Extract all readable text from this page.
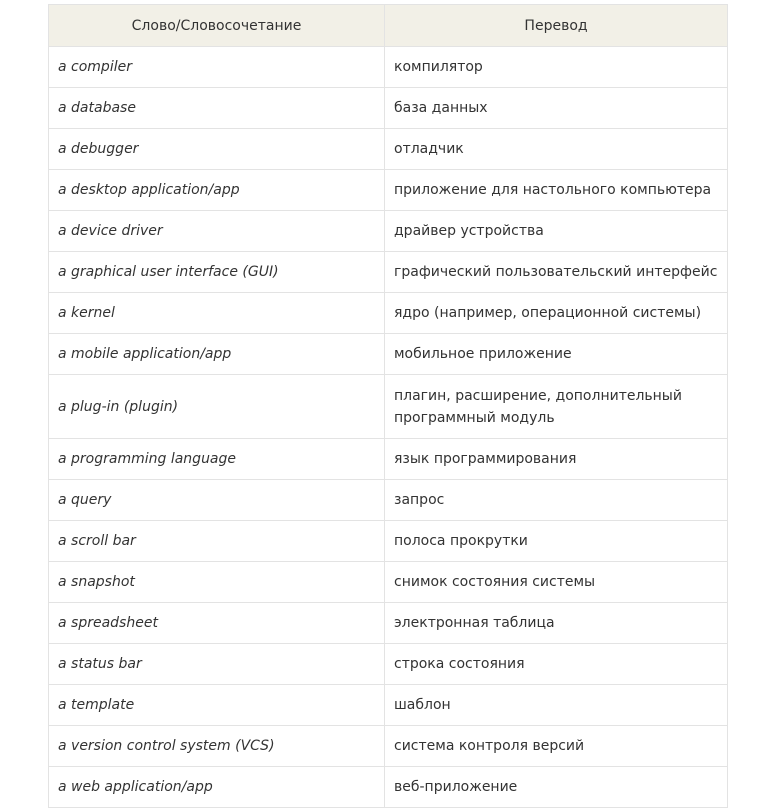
Слово/Словосочетание	Перевод
a compiler	компилятор
a database	база данных
a debugger	отладчик
a desktop application/app	приложение для настольного компьютера
a device driver	драйвер устройства
a graphical user interface (GUI)	графический пользовательский интерфейс
a kernel	ядро (например, операционной системы)
a mobile application/app	мобильное приложение
a plug-in (plugin)	плагин, расширение, дополнительный программный модуль
a programming language	язык программирования
a query	запрос
a scroll bar	полоса прокрутки
a snapshot	снимок состояния системы
a spreadsheet	электронная таблица
a status bar	строка состояния
a template	шаблон
a version control system (VCS)	система контроля версий
a web application/app	веб-приложение
